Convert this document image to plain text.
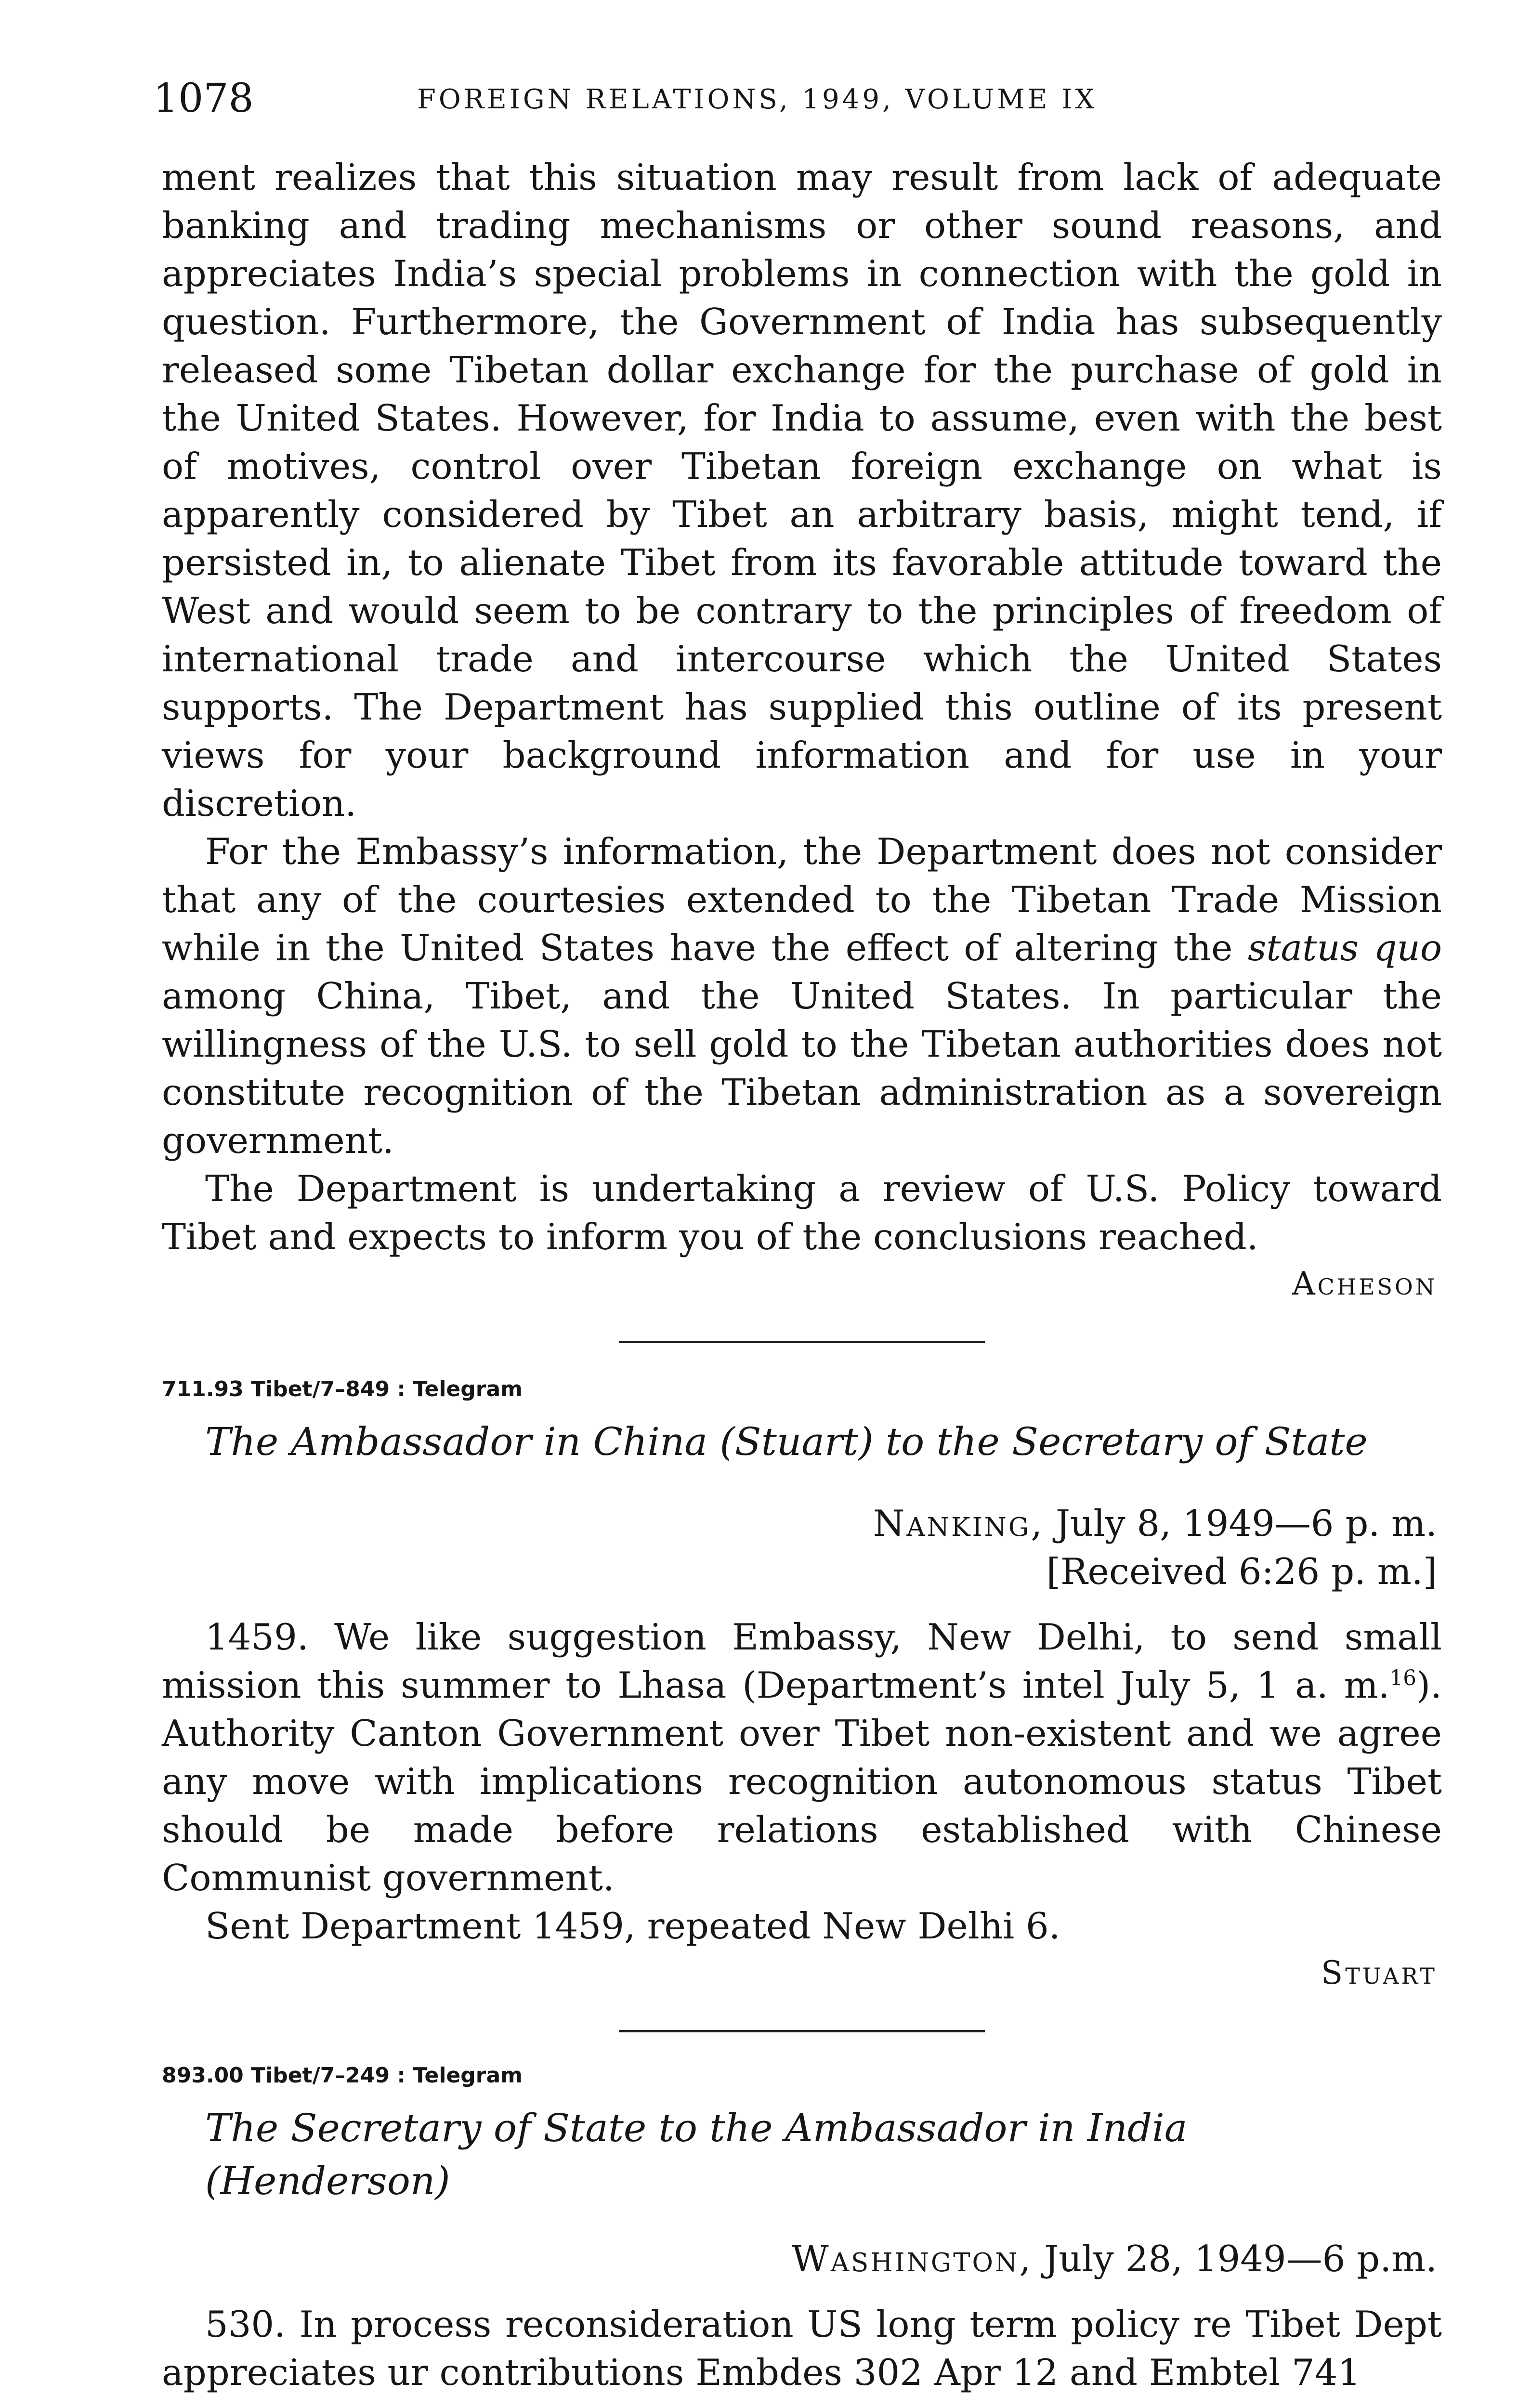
1078	FOREIGN RELATIONS, 1949, VOLUME IX

ment realizes that this situation may result from lack of adequate banking and trading mechanisms or other sound reasons, and appreciates India’s special problems in connection with the gold in question. Furthermore, the Government of India has subsequently released some Tibetan dollar exchange for the purchase of gold in the United States. However, for India to assume, even with the best of motives, control over Tibetan foreign exchange on what is apparently considered by Tibet an arbitrary basis, might tend, if persisted in, to alienate Tibet from its favorable attitude toward the West and would seem to be contrary to the principles of freedom of international trade and intercourse which the United States supports. The Department has supplied this outline of its present views for your background information and for use in your discretion.

For the Embassy’s information, the Department does not consider that any of the courtesies extended to the Tibetan Trade Mission while in the United States have the effect of altering the status quo among China, Tibet, and the United States. In particular the willingness of the U.S. to sell gold to the Tibetan authorities does not constitute recognition of the Tibetan administration as a sovereign government.

The Department is undertaking a review of U.S. Policy toward Tibet and expects to inform you of the conclusions reached.

Acheson
711.93 Tibet/7–849 : Telegram
The Ambassador in China (Stuart) to the Secretary of State
Nanking, July 8, 1949—6 p. m.
[Received 6:26 p. m.]

1459. We like suggestion Embassy, New Delhi, to send small mission this summer to Lhasa (Department’s intel July 5, 1 a. m.$^{16}$). Authority Canton Government over Tibet non-existent and we agree any move with implications recognition autonomous status Tibet should be made before relations established with Chinese Communist government.

Sent Department 1459, repeated New Delhi 6.

Stuart
893.00 Tibet/7–249 : Telegram
The Secretary of State to the Ambassador in India (Henderson)
Washington, July 28, 1949—6 p.m.

530. In process reconsideration US long term policy re Tibet Dept appreciates ur contributions Embdes 302 Apr 12 and Embtel 741
